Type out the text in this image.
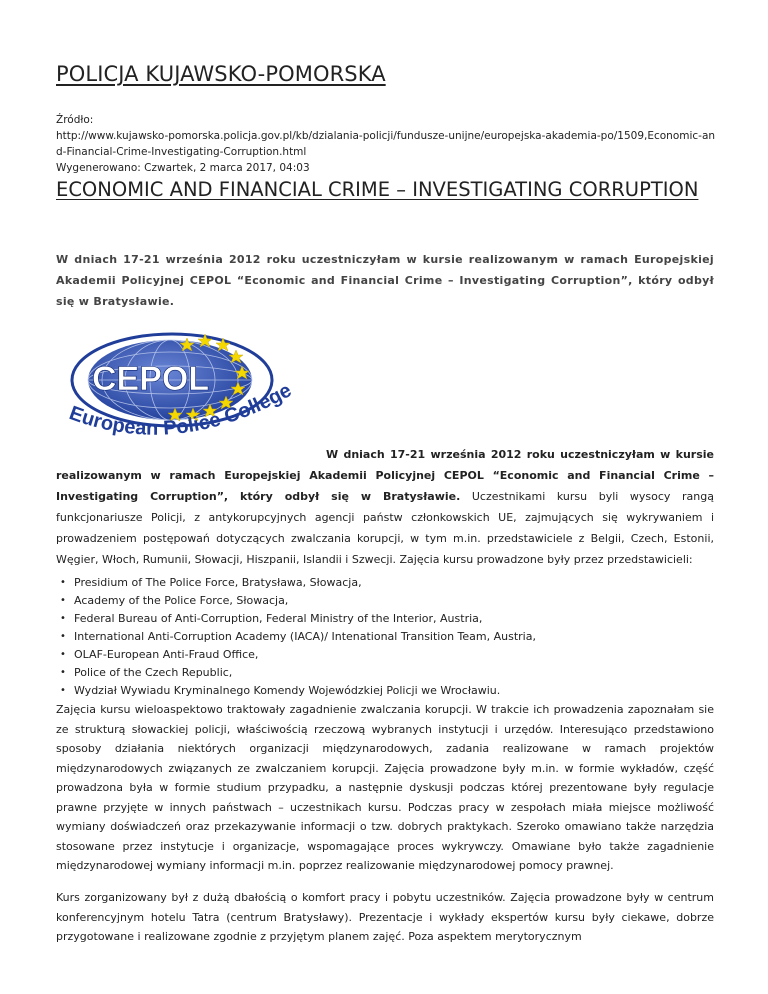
POLICJA KUJAWSKO-POMORSKA
Źródło:
http://www.kujawsko-pomorska.policja.gov.pl/kb/dzialania-policji/fundusze-unijne/europejska-akademia-po/1509,Economic-and-Financial-Crime-Investigating-Corruption.html
Wygenerowano: Czwartek, 2 marca 2017, 04:03
ECONOMIC AND FINANCIAL CRIME – INVESTIGATING CORRUPTION

W dniach 17-21 września 2012 roku uczestniczyłam w kursie realizowanym w ramach Europejskiej Akademii Policyjnej CEPOL “Economic and Financial Crime – Investigating Corruption”, który odbył się w Bratysławie.

CEPOL
European Police College

W dniach 17-21 września 2012 roku uczestniczyłam w kursie realizowanym w ramach Europejskiej Akademii Policyjnej CEPOL “Economic and Financial Crime – Investigating Corruption”, który odbył się w Bratysławie. Uczestnikami kursu byli wysocy rangą funkcjonariusze Policji, z antykorupcyjnych agencji państw członkowskich UE, zajmujących się wykrywaniem i prowadzeniem postępowań dotyczących zwalczania korupcji, w tym m.in. przedstawiciele z Belgii, Czech, Estonii, Węgier, Włoch, Rumunii, Słowacji, Hiszpanii, Islandii i Szwecji. Zajęcia kursu prowadzone były przez przedstawicieli:

• Presidium of The Police Force, Bratysława, Słowacja,
• Academy of the Police Force, Słowacja,
• Federal Bureau of Anti-Corruption, Federal Ministry of the Interior, Austria,
• International Anti-Corruption Academy (IACA)/ Intenational Transition Team, Austria,
• OLAF-European Anti-Fraud Office,
• Police of the Czech Republic,
• Wydział Wywiadu Kryminalnego Komendy Wojewódzkiej Policji we Wrocławiu.

Zajęcia kursu wieloaspektowo traktowały zagadnienie zwalczania korupcji. W trakcie ich prowadzenia zapoznałam sie ze strukturą słowackiej policji, właściwością rzeczową wybranych instytucji i urzędów. Interesująco przedstawiono sposoby działania niektórych organizacji międzynarodowych, zadania realizowane w ramach projektów międzynarodowych związanych ze zwalczaniem korupcji. Zajęcia prowadzone były m.in. w formie wykładów, część prowadzona była w formie studium przypadku, a następnie dyskusji podczas której prezentowane były regulacje prawne przyjęte w innych państwach – uczestnikach kursu. Podczas pracy w zespołach miała miejsce możliwość wymiany doświadczeń oraz przekazywanie informacji o tzw. dobrych praktykach. Szeroko omawiano także narzędzia stosowane przez instytucje i organizacje, wspomagające proces wykrywczy. Omawiane było także zagadnienie międzynarodowej wymiany informacji m.in. poprzez realizowanie międzynarodowej pomocy prawnej.

Kurs zorganizowany był z dużą dbałością o komfort pracy i pobytu uczestników. Zajęcia prowadzone były w centrum konferencyjnym hotelu Tatra (centrum Bratysławy). Prezentacje i wykłady ekspertów kursu były ciekawe, dobrze przygotowane i realizowane zgodnie z przyjętym planem zajęć. Poza aspektem merytorycznym
